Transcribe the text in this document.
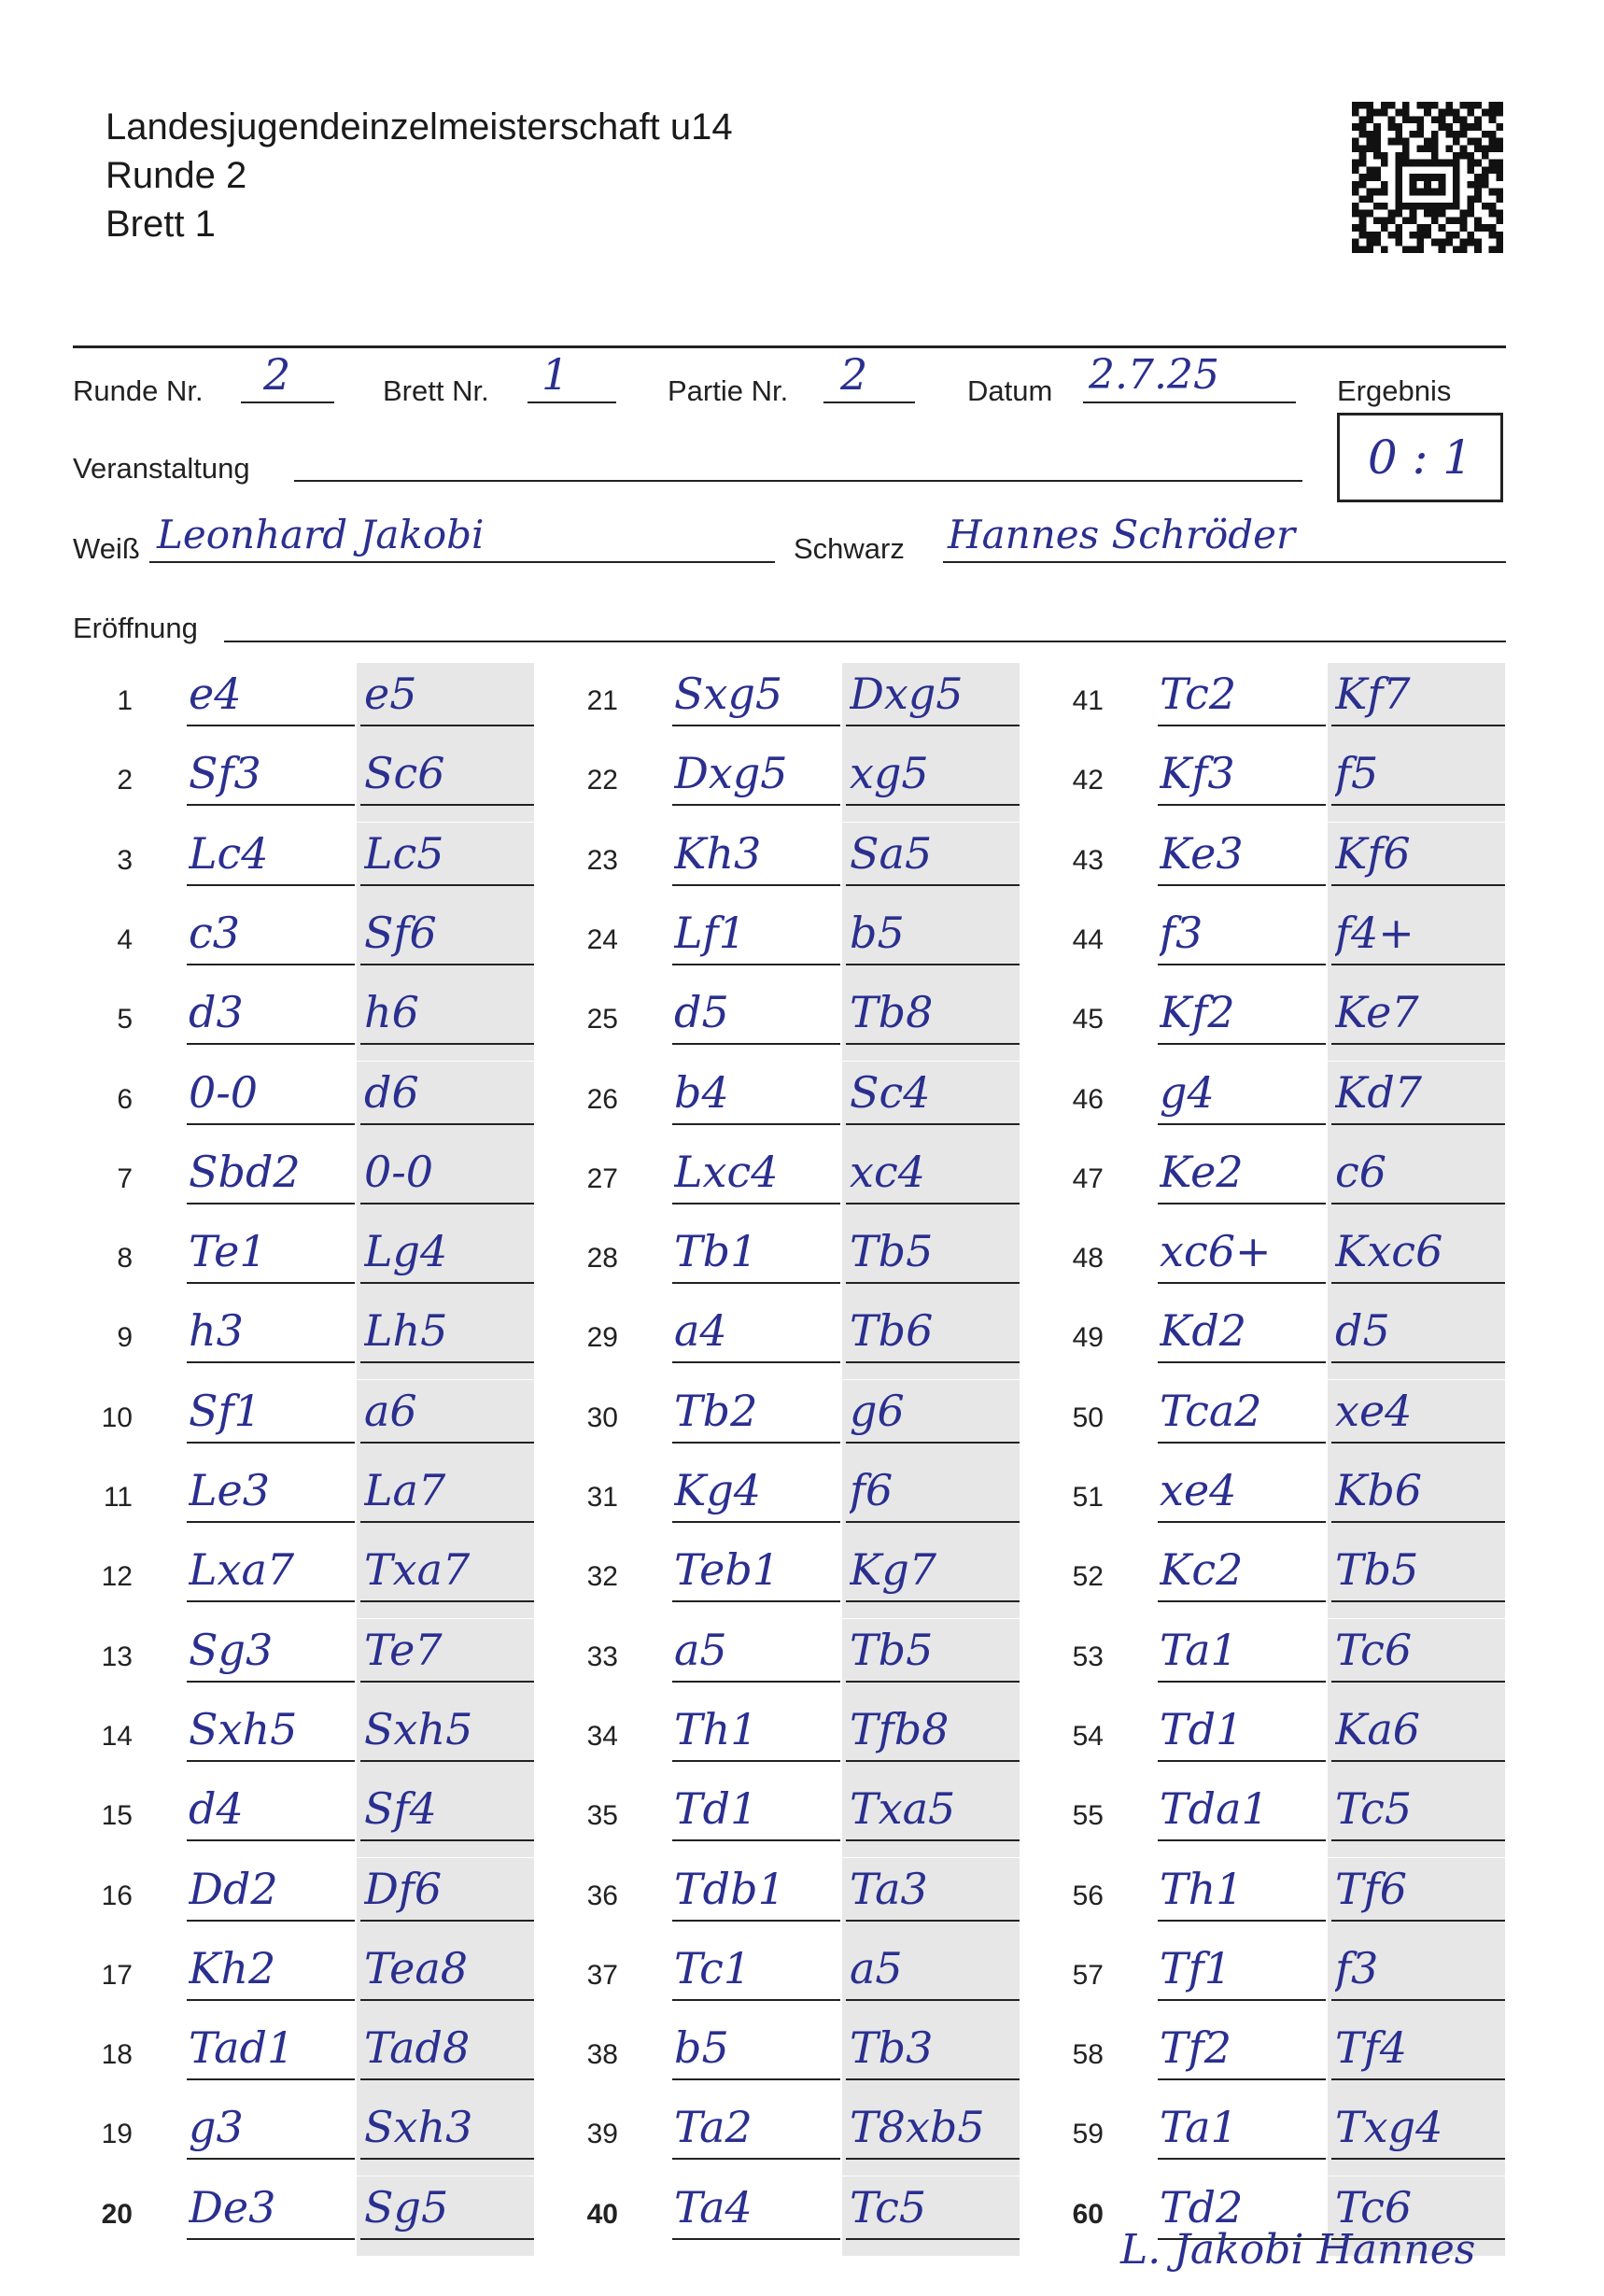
Landesjugendeinzelmeisterschaft u14
Runde 2
Brett 1
Runde Nr. 2	Brett Nr. 1	Partie Nr. 2	Datum 2.7.25	Ergebnis
0 : 1
Veranstaltung
Weiß Leonhard Jakobi	Schwarz Hannes Schröder
Eröffnung
1 e4	e5
2 Sf3	Sc6
3 Lc4	Lc5
4 c3	Sf6
5 d3	h6
6 0-0	d6
7 Sbd2	0-0
8 Te1	Lg4
9 h3	Lh5
10 Sf1	a6
11 Le3	La7
12 Lxa7	Txa7
13 Sg3	Te7
14 Sxh5	Sxh5
15 d4	Sf4
16 Dd2	Df6
17 Kh2	Tea8
18 Tad1	Tad8
19 g3	Sxh3
20 De3	Sg5
21 Sxg5	Dxg5
22 Dxg5	xg5
23 Kh3	Sa5
24 Lf1	b5
25 d5	Tb8
26 b4	Sc4
27 Lxc4	xc4
28 Tb1	Tb5
29 a4	Tb6
30 Tb2	g6
31 Kg4	f6
32 Teb1	Kg7
33 a5	Tb5
34 Th1	Tfb8
35 Td1	Txa5
36 Tdb1	Ta3
37 Tc1	a5
38 b5	Tb3
39 Ta2	T8xb5
40 Ta4	Tc5
41 Tc2	Kf7
42 Kf3	f5
43 Ke3	Kf6
44 f3	f4+
45 Kf2	Ke7
46 g4	Kd7
47 Ke2	c6
48 xc6+	Kxc6
49 Kd2	d5
50 Tca2	xe4
51 xe4	Kb6
52 Kc2	Tb5
53 Ta1	Tc6
54 Td1	Ka6
55 Tda1	Tc5
56 Th1	Tf6
57 Tf1	f3
58 Tf2	Tf4
59 Ta1	Txg4
60 Td2	Tc6
L. Jakobi Hannes
